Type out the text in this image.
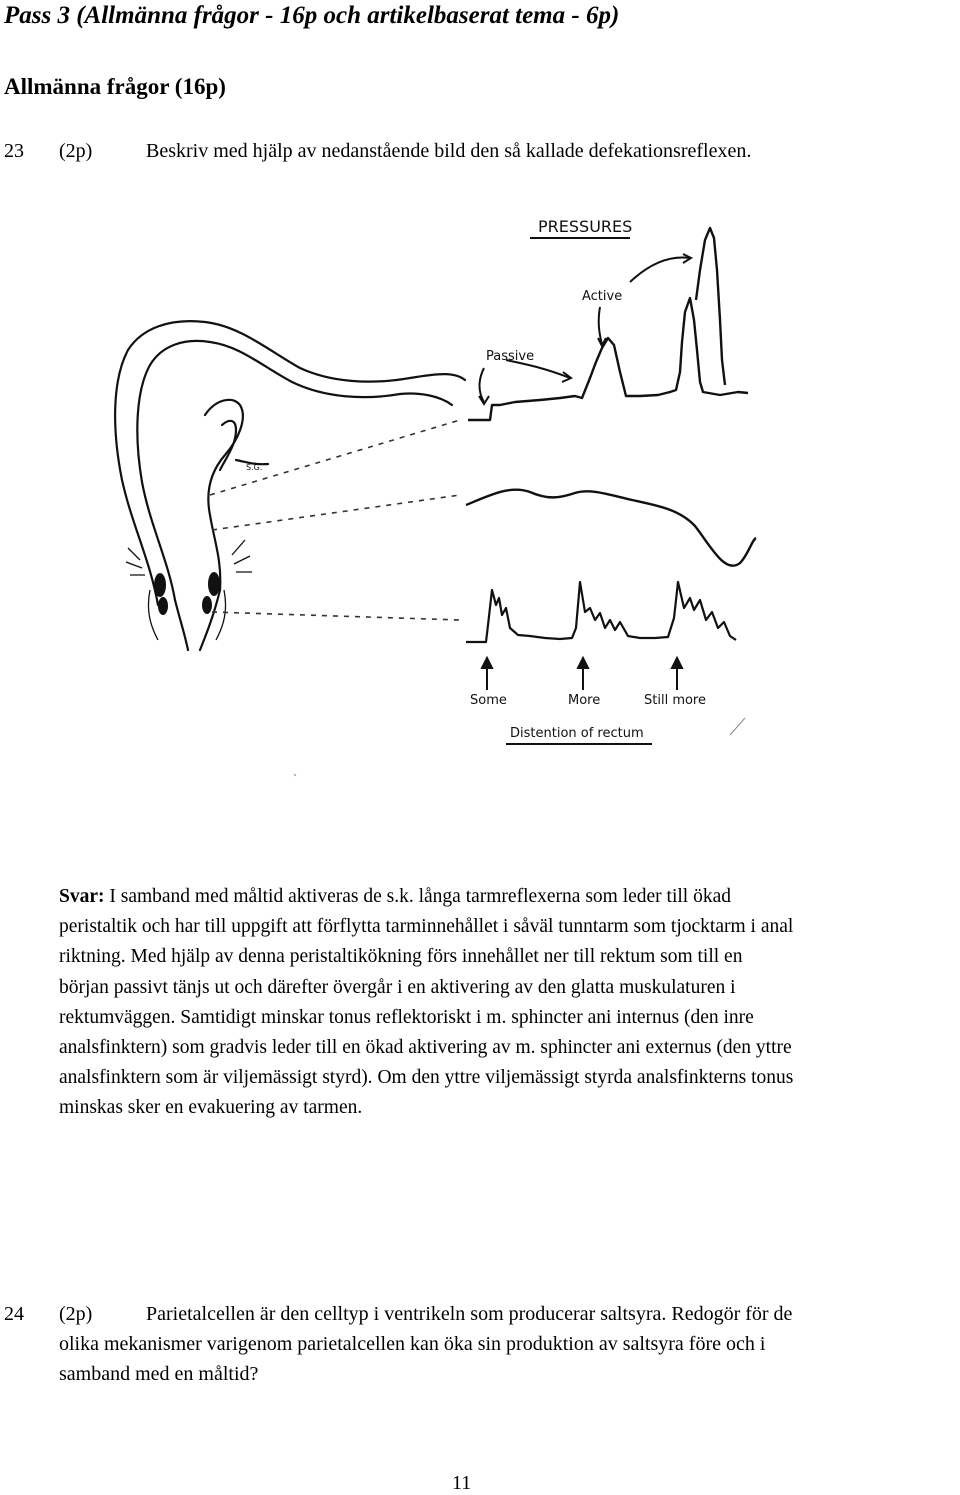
Pass 3 (Allmänna frågor - 16p och artikelbaserat tema - 6p)
Allmänna frågor (16p)
23 (2p)	Beskriv med hjälp av nedanstående bild den så kallade defekationsreflexen.
S.G.
PRESSURES
Active
Passive
Some	More	Still more
Distention of rectum
Svar: I samband med måltid aktiveras de s.k. långa tarmreflexerna som leder till ökad
peristaltik och har till uppgift att förflytta tarminnehållet i såväl tunntarm som tjocktarm i anal
riktning. Med hjälp av denna peristaltikökning förs innehållet ner till rektum som till en
början passivt tänjs ut och därefter övergår i en aktivering av den glatta muskulaturen i
rektumväggen. Samtidigt minskar tonus reflektoriskt i m. sphincter ani internus (den inre
analsfinktern) som gradvis leder till en ökad aktivering av m. sphincter ani externus (den yttre
analsfinktern som är viljemässigt styrd). Om den yttre viljemässigt styrda analsfinkterns tonus
minskas sker en evakuering av tarmen.
24 (2p)	Parietalcellen är den celltyp i ventrikeln som producerar saltsyra. Redogör för de
olika mekanismer varigenom parietalcellen kan öka sin produktion av saltsyra före och i
samband med en måltid?
11
